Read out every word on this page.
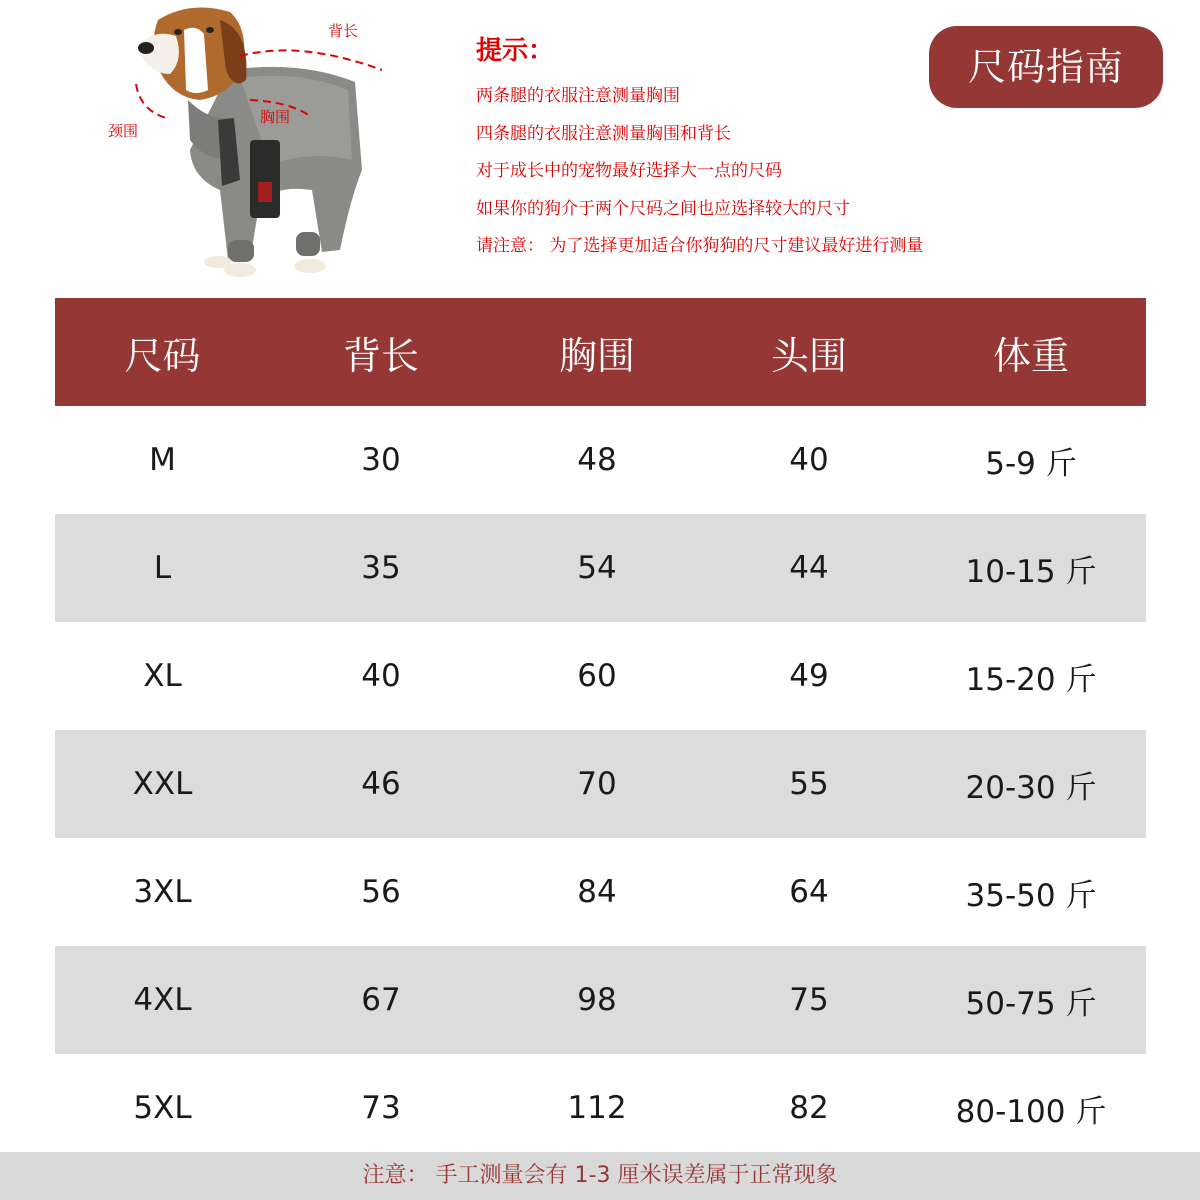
背长
颈围
胸围
提示：
两条腿的衣服注意测量胸围
四条腿的衣服注意测量胸围和背长
对于成长中的宠物最好选择大一点的尺码
如果你的狗介于两个尺码之间也应选择较大的尺寸
请注意： 为了选择更加适合你狗狗的尺寸建议最好进行测量
尺码指南
尺码	背长	胸围	头围	体重
M	30	48	40	5-9 斤
L	35	54	44	10-15 斤
XL	40	60	49	15-20 斤
XXL	46	70	55	20-30 斤
3XL	56	84	64	35-50 斤
4XL	67	98	75	50-75 斤
5XL	73	112	82	80-100 斤
注意： 手工测量会有 1-3 厘米误差属于正常现象
